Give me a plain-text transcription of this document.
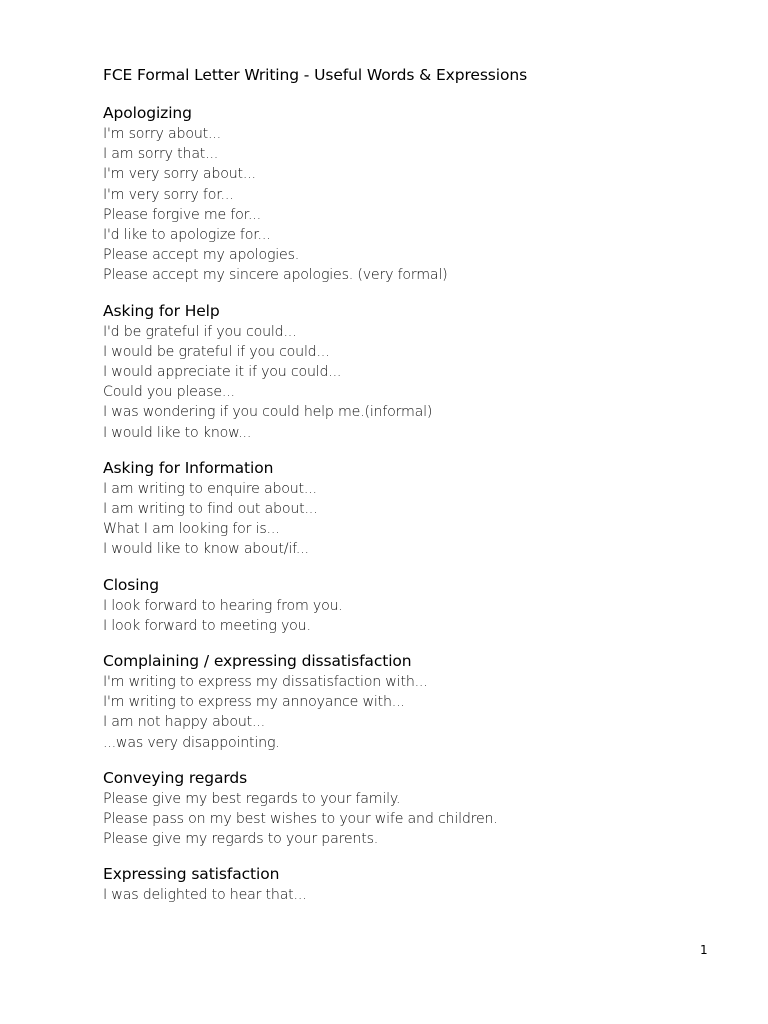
FCE Formal Letter Writing - Useful Words & Expressions
Apologizing
I'm sorry about...
I am sorry that...
I'm very sorry about...
I'm very sorry for...
Please forgive me for...
I'd like to apologize for...
Please accept my apologies.
Please accept my sincere apologies. (very formal)
Asking for Help
I'd be grateful if you could...
I would be grateful if you could...
I would appreciate it if you could...
Could you please...
I was wondering if you could help me.(informal)
I would like to know...
Asking for Information
I am writing to enquire about...
I am writing to find out about...
What I am looking for is...
I would like to know about/if...
Closing
I look forward to hearing from you.
I look forward to meeting you.
Complaining / expressing dissatisfaction
I'm writing to express my dissatisfaction with...
I'm writing to express my annoyance with...
I am not happy about...
...was very disappointing.
Conveying regards
Please give my best regards to your family.
Please pass on my best wishes to your wife and children.
Please give my regards to your parents.
Expressing satisfaction
I was delighted to hear that...
1
